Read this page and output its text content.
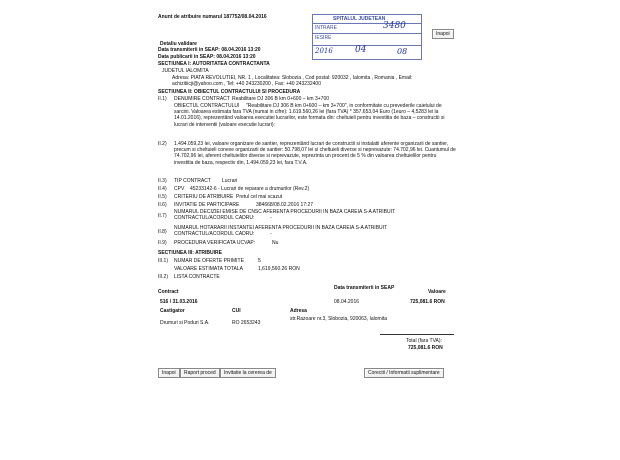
Anunt de atribuire numarul 187752/08.04.2016
Inapoi
SPITALUL JUDETEAN
INTRARE
IESIRE
3480
2016 04	08
Detaliu validare
Data transmiterii in SEAP: 08.04.2016 13:20
Data publicarii in SEAP: 08.04.2016 13:20
SECTIUNEA I: AUTORITATEA CONTRACTANTA
JUDETUL IALOMITA
Adresa: PIATA REVOLUTIEI, NR. 1 , Localitatea: Slobozia , Cod postal: 920032 , Ialomita , Romania , Email:
achizitiicji@yahoo.com , Tel: +40 243230200 , Fax: +40 243232400
SECTIUNEA II: OBIECTUL CONTRACTULUI SI PROCEDURA
II.1) DENUMIRE CONTRACT Reabilitare DJ 306 B km 0+600 – km 3+700
OBIECTUL CONTRACTULUI	"Reabilitare DJ 306 B km 0+600 – km 3+700", in conformitate cu prevederile caietului de sarcini. Valoarea estimata fara TVA (numai in cifre): 1.619.560,26 lei (fara TVA) * 357.653,04 Euro (1euro – 4,5283 lei la 14.01.2016), reprezentând valoarea executiei lucrarilor, este formata din: cheltuieli pentru investitia de baza – constructii si lucrari de interventii (valoare executie lucrari):
II.2) 1.494.059,23 lei, valoare organizare de santier, reprezentând lucrari de constructii si instalatii aferente organizarii de santier, precum si cheltuieli conexe organizarii de santier: 50.798,07 lei si cheltuieli diverse si neprevazute: 74.702,96 lei. Cuantumul de 74.702,96 lei, aferent cheltuielilor diverse si neprevazute, reprezinta un procent de 5 % din valoarea cheltuielilor pentru investitia de baza, respectiv din, 1.494.059,23 lei, fara T.V.A.
II.3) TIP CONTRACT Lucrari
II.4) CPV 45233142-6 - Lucrari de reparare a drumurilor (Rev.2)
II.5) CRITERIU DE ATRIBUIRE Pretul cel mai scazut
II.6) INVITATIE DE PARTICIPARE	384668/08.02.2016 17:27
II.7)
NUMARUL DECIZIEI EMISE DE CNSC AFERENTA PROCEDURII IN BAZA CAREIA S-A ATRIBUIT
CONTRACTUL/ACORDUL CADRU:	-
II.8)
NUMARUL HOTARARII INSTANTEI AFERENTA PROCEDURII IN BAZA CAREIA S-A ATRIBUIT
CONTRACTUL/ACORDUL CADRU:	-
II.9) PROCEDURA VERIFICATA UCVAP:	Nu
SECTIUNEA III: ATRIBUIRE
III.1) NUMAR DE OFERTE PRIMITE	5
VALOARE ESTIMATA TOTALA	1,619,560.26 RON
III.2) LISTA CONTRACTE
Contract
Data transmiterii in SEAP
Valoare
516 / 31.03.2016	08.04.2016	725,081.6 RON
Castigator	CUI	Adresa
Drumuri si Poduri S.A.	RO 2653243
str.Razoare nr.3, Slobozia, 920063, Ialomita
Total (fara TVA):
725,081.6 RON
Inapoi	Raport proced	Invitatie la cererea de	Corectii / Informatii suplimentare
